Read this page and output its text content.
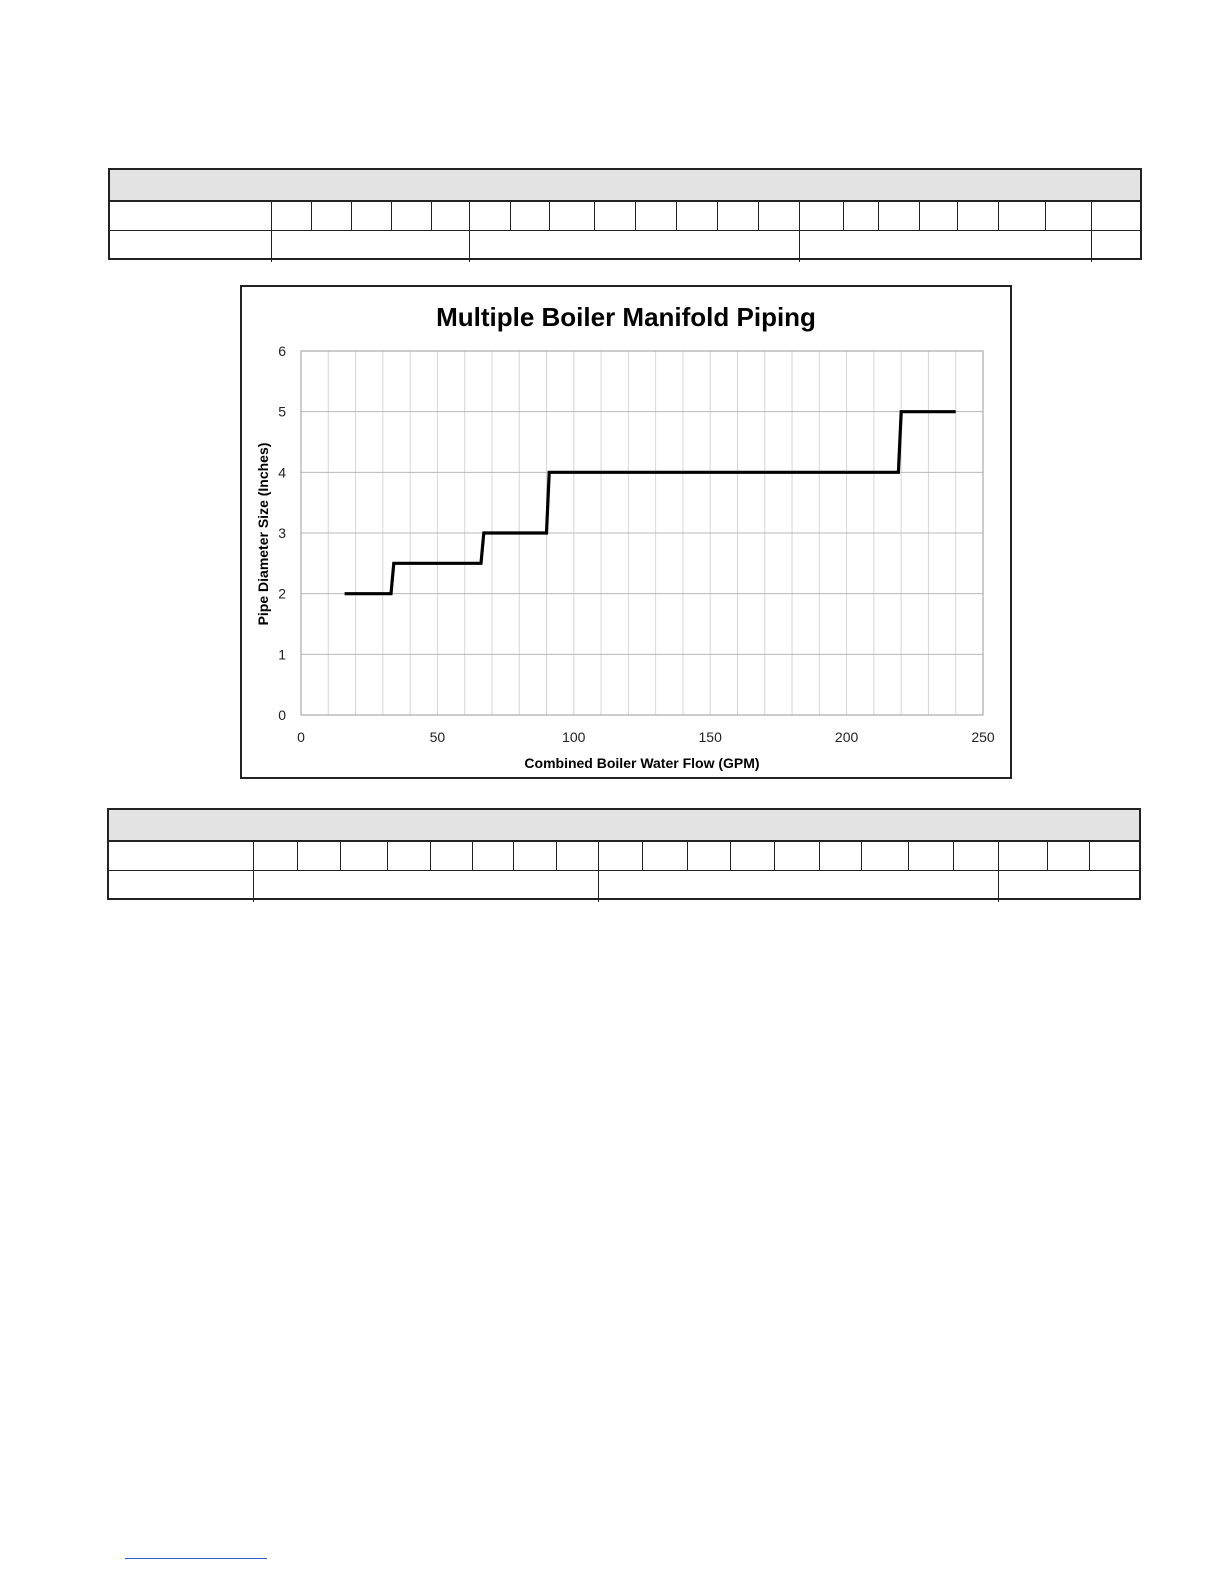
0
1
2
3
4
5
6
0	50	100	150	200	250
Multiple Boiler Manifold Piping
Combined Boiler Water Flow (GPM)
Pipe Diameter Size (Inches)
